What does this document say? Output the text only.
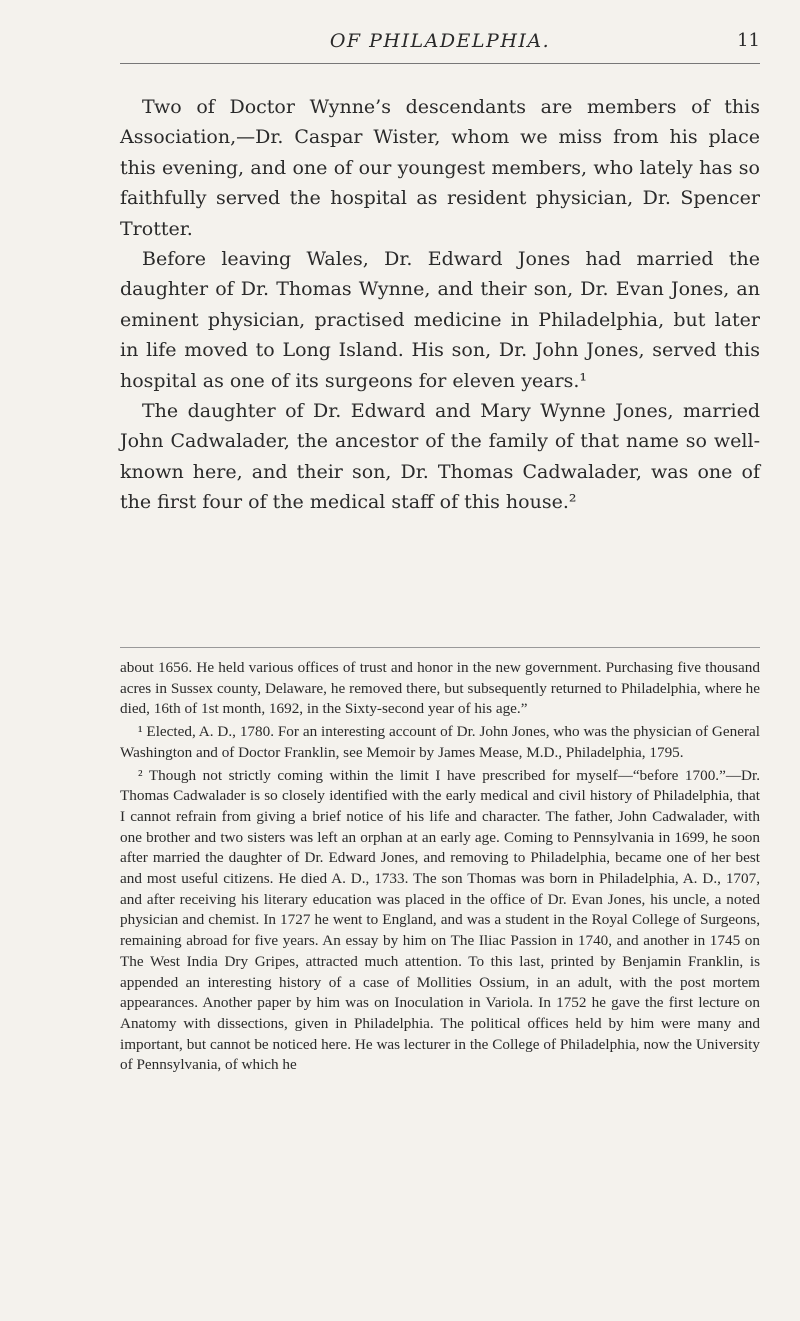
OF PHILADELPHIA.	11

Two of Doctor Wynne’s descendants are members of this Association,—Dr. Caspar Wister, whom we miss from his place this evening, and one of our youngest members, who lately has so faithfully served the hospital as resident physician, Dr. Spencer Trotter.

Before leaving Wales, Dr. Edward Jones had married the daughter of Dr. Thomas Wynne, and their son, Dr. Evan Jones, an eminent physician, practised medicine in Philadelphia, but later in life moved to Long Island. His son, Dr. John Jones, served this hospital as one of its surgeons for eleven years.¹

The daughter of Dr. Edward and Mary Wynne Jones, married John Cadwalader, the ancestor of the family of that name so well-known here, and their son, Dr. Thomas Cadwalader, was one of the first four of the medical staff of this house.²

about 1656. He held various offices of trust and honor in the new government. Purchasing five thousand acres in Sussex county, Delaware, he removed there, but subsequently returned to Philadelphia, where he died, 16th of 1st month, 1692, in the Sixty-second year of his age.”

¹ Elected, A. D., 1780. For an interesting account of Dr. John Jones, who was the physician of General Washington and of Doctor Franklin, see Memoir by James Mease, M.D., Philadelphia, 1795.

² Though not strictly coming within the limit I have prescribed for myself—“before 1700.”—Dr. Thomas Cadwalader is so closely identified with the early medical and civil history of Philadelphia, that I cannot refrain from giving a brief notice of his life and character. The father, John Cadwalader, with one brother and two sisters was left an orphan at an early age. Coming to Pennsylvania in 1699, he soon after married the daughter of Dr. Edward Jones, and removing to Philadelphia, became one of her best and most useful citizens. He died A. D., 1733. The son Thomas was born in Philadelphia, A. D., 1707, and after receiving his literary education was placed in the office of Dr. Evan Jones, his uncle, a noted physician and chemist. In 1727 he went to England, and was a student in the Royal College of Surgeons, remaining abroad for five years. An essay by him on The Iliac Passion in 1740, and another in 1745 on The West India Dry Gripes, attracted much attention. To this last, printed by Benjamin Franklin, is appended an interesting history of a case of Mollities Ossium, in an adult, with the post mortem appearances. Another paper by him was on Inoculation in Variola. In 1752 he gave the first lecture on Anatomy with dissections, given in Philadelphia. The political offices held by him were many and important, but cannot be noticed here. He was lecturer in the College of Philadelphia, now the University of Pennsylvania, of which he
